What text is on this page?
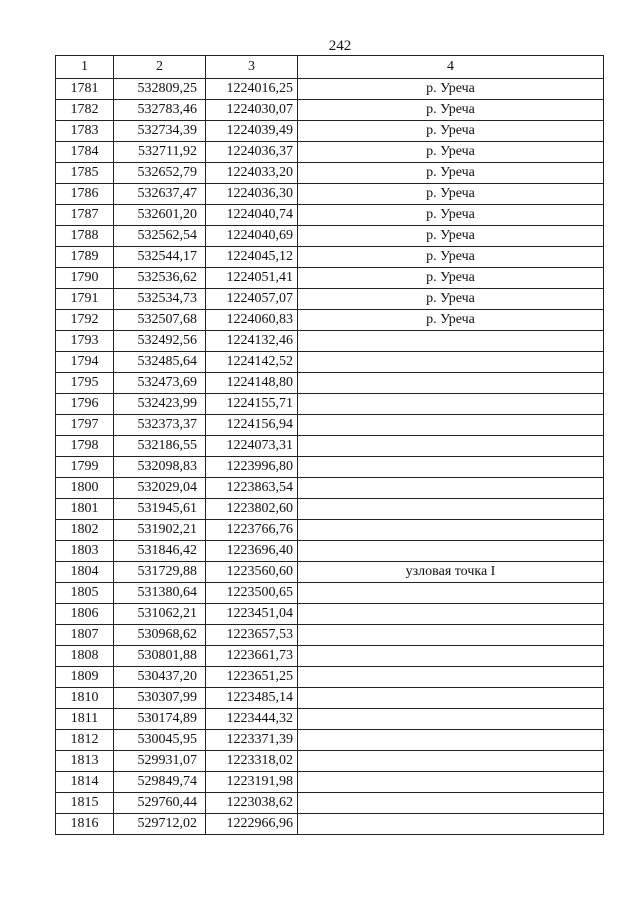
242
1	2	3	4
1781	532809,25	1224016,25	р. Уреча
1782	532783,46	1224030,07	р. Уреча
1783	532734,39	1224039,49	р. Уреча
1784	532711,92	1224036,37	р. Уреча
1785	532652,79	1224033,20	р. Уреча
1786	532637,47	1224036,30	р. Уреча
1787	532601,20	1224040,74	р. Уреча
1788	532562,54	1224040,69	р. Уреча
1789	532544,17	1224045,12	р. Уреча
1790	532536,62	1224051,41	р. Уреча
1791	532534,73	1224057,07	р. Уреча
1792	532507,68	1224060,83	р. Уреча
1793	532492,56	1224132,46	
1794	532485,64	1224142,52	
1795	532473,69	1224148,80	
1796	532423,99	1224155,71	
1797	532373,37	1224156,94	
1798	532186,55	1224073,31	
1799	532098,83	1223996,80	
1800	532029,04	1223863,54	
1801	531945,61	1223802,60	
1802	531902,21	1223766,76	
1803	531846,42	1223696,40	
1804	531729,88	1223560,60	узловая точка I
1805	531380,64	1223500,65	
1806	531062,21	1223451,04	
1807	530968,62	1223657,53	
1808	530801,88	1223661,73	
1809	530437,20	1223651,25	
1810	530307,99	1223485,14	
1811	530174,89	1223444,32	
1812	530045,95	1223371,39	
1813	529931,07	1223318,02	
1814	529849,74	1223191,98	
1815	529760,44	1223038,62	
1816	529712,02	1222966,96	
